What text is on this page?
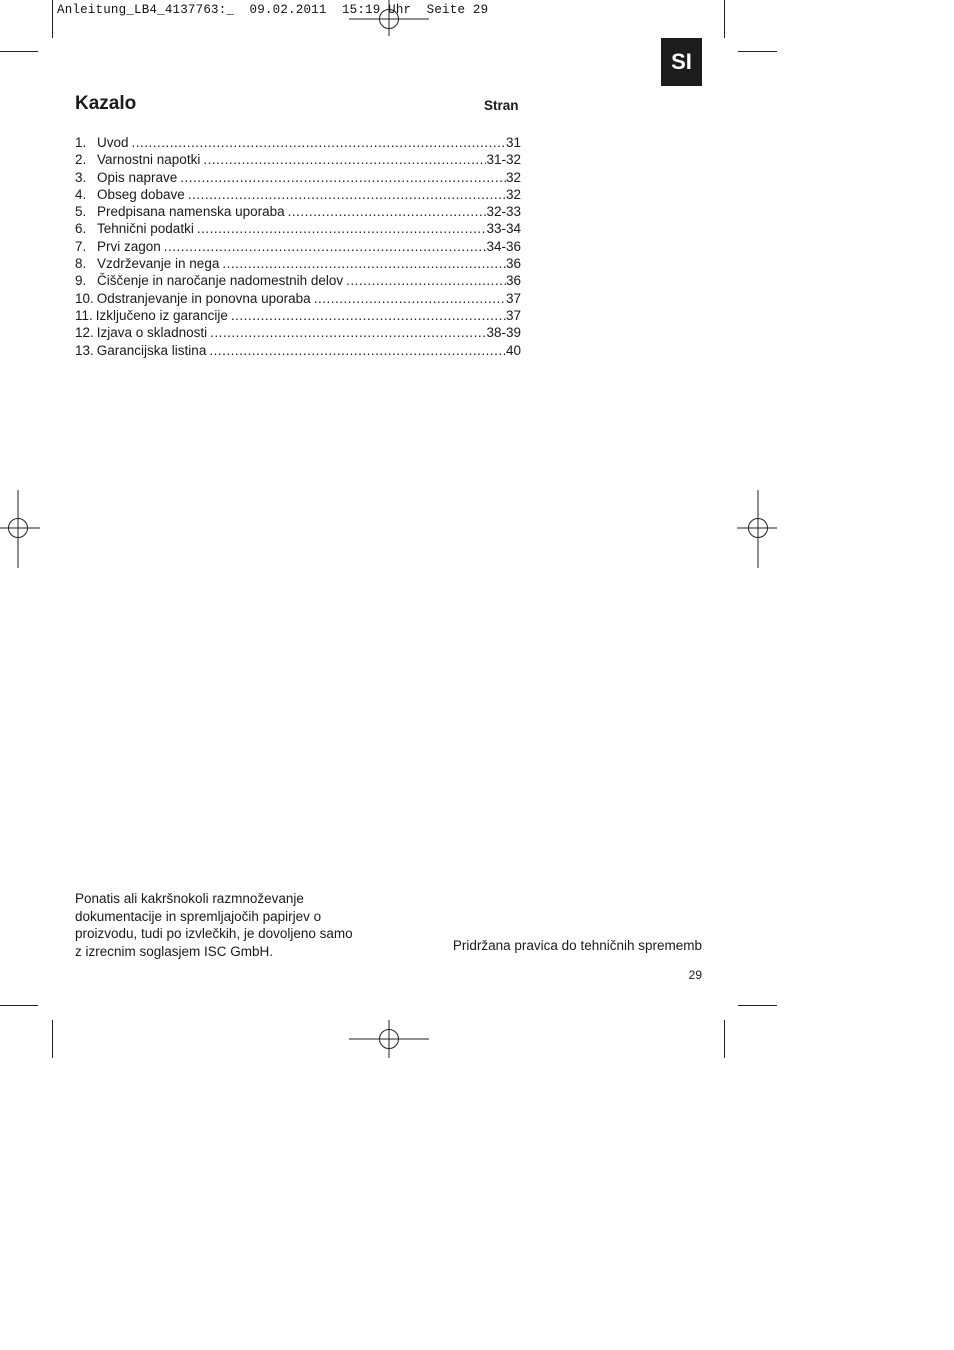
Anleitung_LB4_4137763:_  09.02.2011  15:19 Uhr  Seite 29
SI
Kazalo	Stran
1. Uvod .....	31
2. Varnostni napotki .....	31-32
3. Opis naprave .....	32
4. Obseg dobave .....	32
5. Predpisana namenska uporaba .....	32-33
6. Tehnični podatki .....	33-34
7. Prvi zagon .....	34-36
8. Vzdrževanje in nega .....	36
9. Čiščenje in naročanje nadomestnih delov .....	36
10. Odstranjevanje in ponovna uporaba .....	37
11. Izključeno iz garancije .....	37
12. Izjava o skladnosti .....	38-39
13. Garancijska listina .....	40
Ponatis ali kakršnokoli razmnoževanje
dokumentacije in spremljajočih papirjev o
proizvodu, tudi po izvlečkih, je dovoljeno samo
z izrecnim soglasjem ISC GmbH.	Pridržana pravica do tehničnih sprememb
29
